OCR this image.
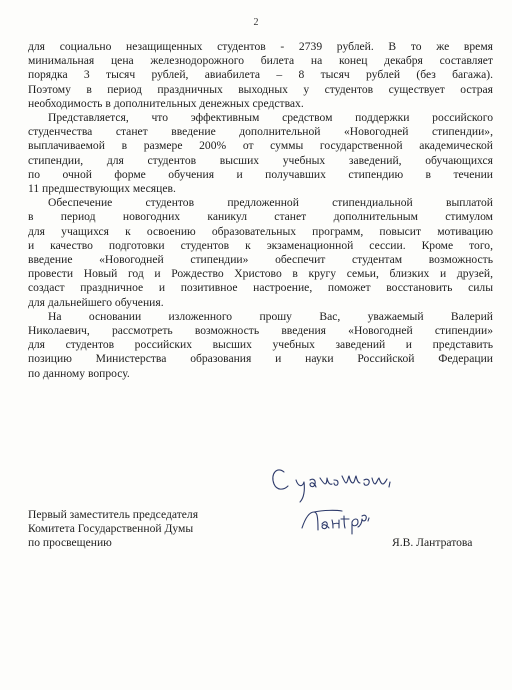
2

для социально незащищенных студентов - 2739 рублей. В то же время
минимальная цена железнодорожного билета на конец декабря составляет
порядка 3 тысяч рублей, авиабилета – 8 тысяч рублей (без багажа).
Поэтому в период праздничных выходных у студентов существует острая
необходимость в дополнительных денежных средствах.

Представляется, что эффективным средством поддержки российского
студенчества станет введение дополнительной «Новогодней стипендии»,
выплачиваемой в размере 200% от суммы государственной академической
стипендии, для студентов высших учебных заведений, обучающихся
по очной форме обучения и получавших стипендию в течении
11 предшествующих месяцев.

Обеспечение студентов предложенной стипендиальной выплатой
в период новогодних каникул станет дополнительным стимулом
для учащихся к освоению образовательных программ, повысит мотивацию
и качество подготовки студентов к экзаменационной сессии. Кроме того,
введение «Новогодней стипендии» обеспечит студентам возможность
провести Новый год и Рождество Христово в кругу семьи, близких и друзей,
создаст праздничное и позитивное настроение, поможет восстановить силы
для дальнейшего обучения.

На основании изложенного прошу Вас, уважаемый Валерий
Николаевич, рассмотреть возможность введения «Новогодней стипендии»
для студентов российских высших учебных заведений и представить
позицию Министерства образования и науки Российской Федерации
по данному вопросу.

Первый заместитель председателя
Комитета Государственной Думы
по просвещению	Я.В. Лантратова
